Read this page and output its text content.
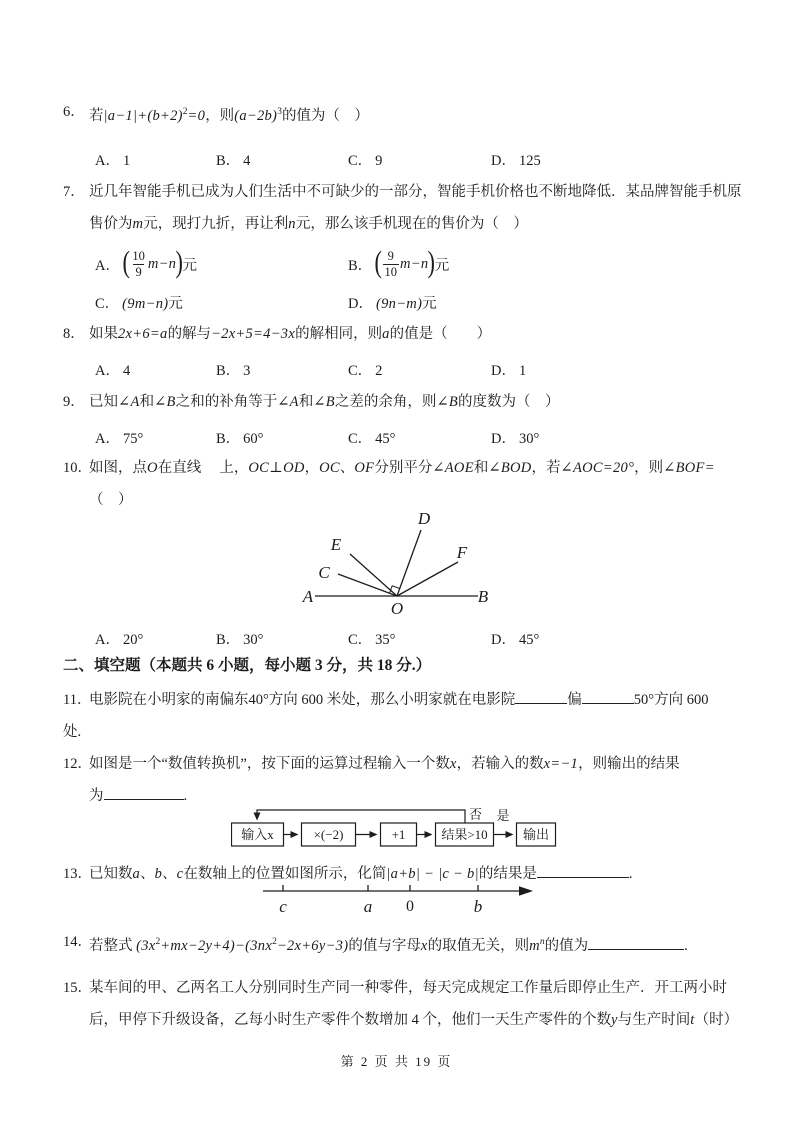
6． 若$|a-1|+(b+2)^2=0$，则$(a-2b)^3$的值为（　）
A． 1	B． 4	C． 9	D． 125
7． 近几年智能手机已成为人们生活中不可缺少的一部分，智能手机价格也不断地降低．某品牌智能手机原
售价为m元，现打九折，再让利n元，那么该手机现在的售价为（　）
A． ( $\frac{10}{9} m-n$ ) 元	B． ( $\frac{9}{10} m-n$ ) 元
C． (9m−n)元	D． (9n−m)元
8． 如果2x+6=a的解与−2x+5=4−3x的解相同，则a的值是（　　）
A． 4	B． 3	C． 2	D． 1
9． 已知∠A和∠B之和的补角等于∠A和∠B之差的余角，则∠B的度数为（　）
A． 75°	B． 60°	C． 45°	D． 30°
10．
如图，点O在直线　 上，OC⊥OD，OC、OF分别平分∠AOE和∠BOD，若∠AOC=20°，则∠BOF=
（　）
A	B
C
E
D
F
O
A． 20°	B． 30°	C． 35°	D． 45°
二、填空题（本题共 6 小题，每小题 3 分，共 18 分.）
11．
电影院在小明家的南偏东40°方向 600 米处，那么小明家就在电影院	偏	50°方向 600
处.
12．
如图是一个“数值转换机”，按下面的运算过程输入一个数x，若输入的数x=−1，则输出的结果
为	.
输入x	×(−2)	+1	结果>10	输出
否 是
13．
已知数a、b、c在数轴上的位置如图所示，化简|a+b| − |c − b|的结果是	.
c	a 0	b
14．
若整式 $(3x^2+mx-2y+4)-(3nx^2-2x+6y-3)$的值与字母x的取值无关，则$m^n$的值为	.
15．
某车间的甲、乙两名工人分别同时生产同一种零件，每天完成规定工作量后即停止生产．开工两小时
后，甲停下升级设备，乙每小时生产零件个数增加 4 个，他们一天生产零件的个数y与生产时间t（时）
第 2 页 共 19 页
